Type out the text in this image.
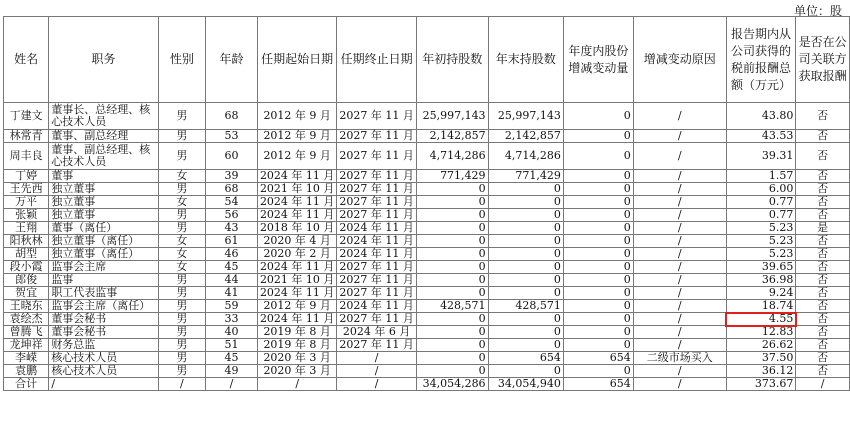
单位：股
姓名	职务	性别	年龄	任期起始日期	任期终止日期	年初持股数	年末持股数	年度内股份增减变动量	增减变动原因	报告期内从公司获得的税前报酬总额（万元）	是否在公司关联方获取报酬
丁建文	董事长、总经理、核心技术人员	男	68	2012 年 9 月	2027 年 11 月	25,997,143	25,997,143	0	/	43.80	否
林常青	董事、副总经理	男	53	2012 年 9 月	2027 年 11 月	2,142,857	2,142,857	0	/	43.53	否
周丰良	董事、副总经理、核心技术人员	男	60	2012 年 9 月	2027 年 11 月	4,714,286	4,714,286	0	/	39.31	否
丁婷	董事	女	39	2024 年 11 月	2027 年 11 月	771,429	771,429	0	/	1.57	否
王先西	独立董事	男	68	2021 年 10 月	2027 年 11 月	0	0	0	/	6.00	否
万平	独立董事	女	54	2024 年 11 月	2027 年 11 月	0	0	0	/	0.77	否
张颖	独立董事	男	56	2024 年 11 月	2027 年 11 月	0	0	0	/	0.77	否
王翔	董事（离任）	男	43	2018 年 10 月	2024 年 11 月	0	0	0	/	5.23	是
阳秋林	独立董事（离任）	女	61	2020 年 4 月	2024 年 11 月	0	0	0	/	5.23	否
胡型	独立董事（离任）	女	46	2020 年 2 月	2024 年 11 月	0	0	0	/	5.23	否
段小霞	监事会主席	女	45	2024 年 11 月	2027 年 11 月	0	0	0	/	39.65	否
郎俊	监事	男	44	2021 年 10 月	2027 年 11 月	0	0	0	/	36.98	否
贺宜	职工代表监事	男	41	2024 年 11 月	2027 年 11 月	0	0	0	/	9.24	否
王晓东	监事会主席（离任）	男	59	2012 年 9 月	2024 年 11 月	428,571	428,571	0	/	18.74	否
袁绘杰	董事会秘书	男	33	2024 年 11 月	2027 年 11 月	0	0	0	/	4.55	否
曾腾飞	董事会秘书	男	40	2019 年 8 月	2024 年 6 月	0	0	0	/	12.83	否
龙坤祥	财务总监	男	51	2019 年 8 月	2027 年 11 月	0	0	0	/	26.62	否
李嵘	核心技术人员	男	45	2020 年 3 月	/	0	654	654	二级市场买入	37.50	否
袁鹏	核心技术人员	男	49	2020 年 3 月	/	0	0	0	/	36.12	否
合计	/	/	/	/	/	34,054,286	34,054,940	654	/	373.67	/
